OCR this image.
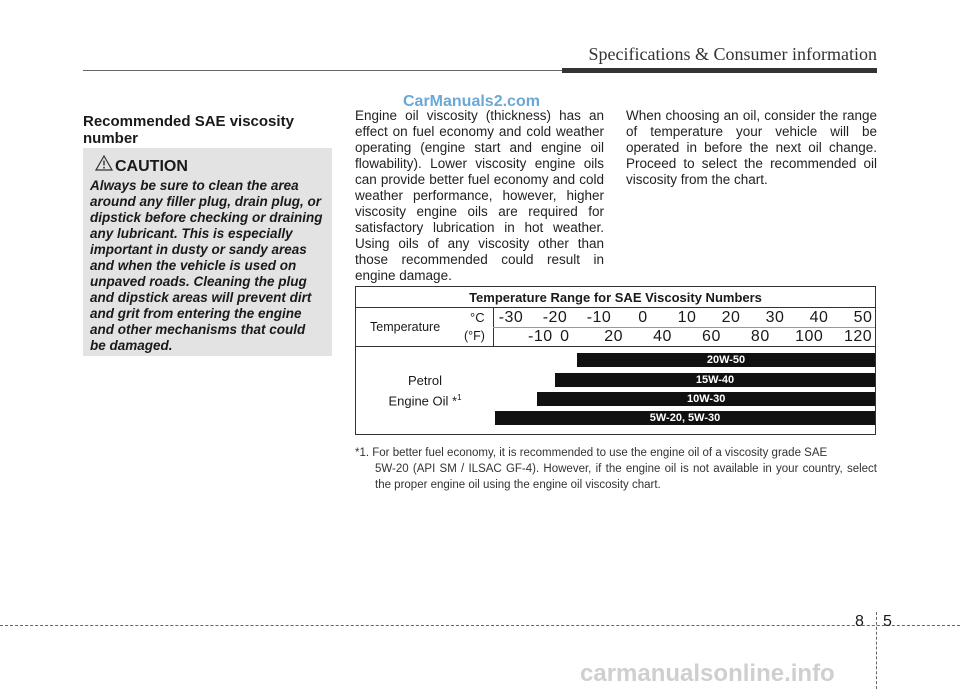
Specifications & Consumer information
CarManuals2.com
Recommended SAE viscosity number
CAUTION
Always be sure to clean the area around any filler plug, drain plug, or dipstick before checking or draining any lubricant. This is especially important in dusty or sandy areas and when the vehicle is used on unpaved roads. Cleaning the plug and dipstick areas will prevent dirt and grit from entering the engine and other mechanisms that could be damaged.
Engine oil viscosity (thickness) has an effect on fuel economy and cold weather operating (engine start and engine oil flowability). Lower viscosity engine oils can provide better fuel economy and cold weather performance, however, higher viscosity engine oils are required for satisfactory lubrication in hot weather. Using oils of any viscosity other than those recommended could result in engine damage.
When choosing an oil, consider the range of temperature your vehicle will be operated in before the next oil change. Proceed to select the recommended oil viscosity from the chart.
Temperature Range for SAE Viscosity Numbers
Temperature
°C
(°F)
-30 -20 -10 0 10 20 30 40 50
-10 0 20 40 60 80 100 120
Petrol
Engine Oil *$^1$
20W-50
15W-40
10W-30
5W-20, 5W-30
*1. For better fuel economy, it is recommended to use the engine oil of a viscosity grade SAE
5W-20 (API SM / ILSAC GF-4). However, if the engine oil is not available in your country, select the proper engine oil using the engine oil viscosity chart.
8 5
carmanualsonline.info
